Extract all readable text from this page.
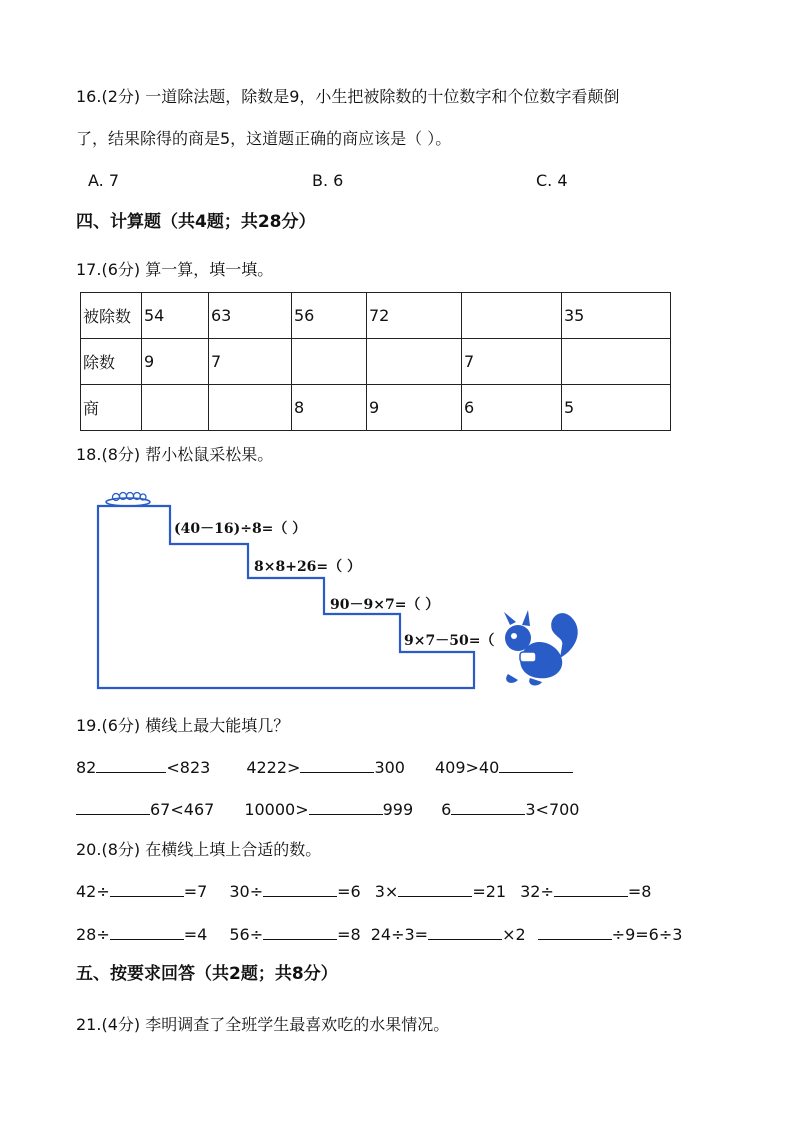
16.(2分) 一道除法题，除数是9，小生把被除数的十位数字和个位数字看颠倒
了，结果除得的商是5，这道题正确的商应该是（ ）。
A. 7	B. 6	C. 4
四、计算题（共4题；共28分）
17.(6分) 算一算，填一填。
被除数	54	63	56	72		35
除数	9	7			7	
商			8	9	6	5
18.(8分) 帮小松鼠采松果。
(40－16)÷8=（ ）
8×8+26=（ ）
90－9×7=（ ）
9×7－50=（
19.(6分) 横线上最大能填几？
82	<823 4222>	300 409>40
67<467 10000>	999 6	3<700
20.(8分) 在横线上填上合适的数。
42÷	=7 30÷	=6 3×	=21 32÷	=8
28÷	=4 56÷	=8 24÷3=	×2	÷9=6÷3
五、按要求回答（共2题；共8分）
21.(4分) 李明调查了全班学生最喜欢吃的水果情况。
